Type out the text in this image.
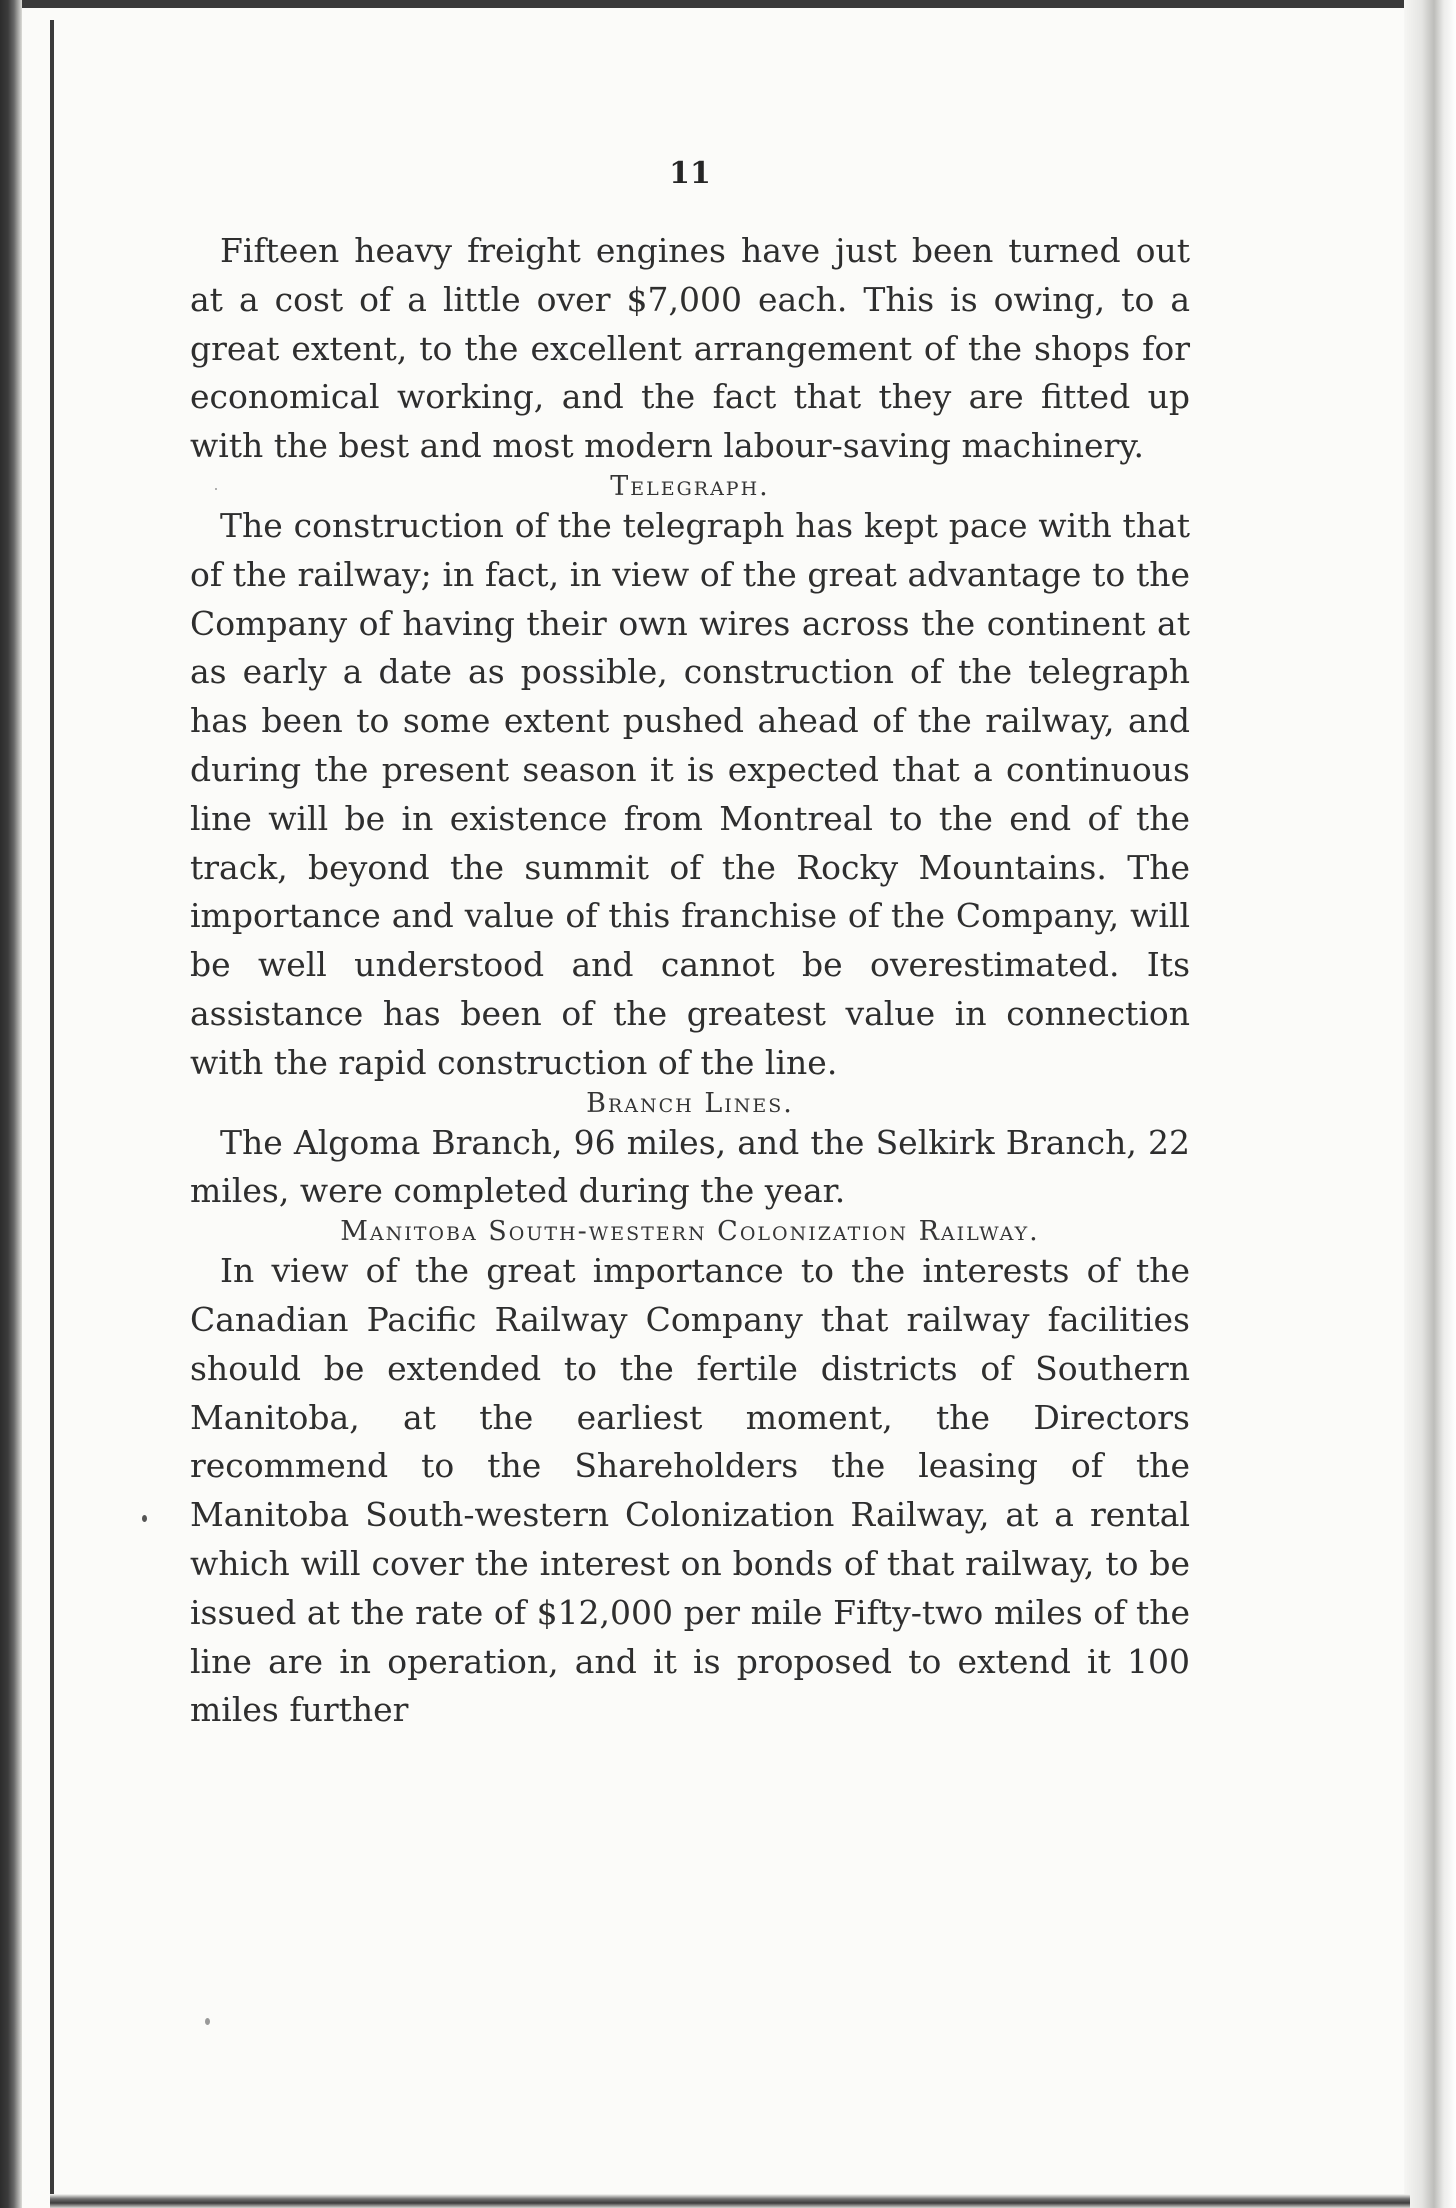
11

Fifteen heavy freight engines have just been turned out at a cost of a little over $7,000 each. This is owing, to a great extent, to the excellent arrangement of the shops for economical working, and the fact that they are fitted up with the best and most modern labour-saving machinery.

Telegraph.

The construction of the telegraph has kept pace with that of the railway; in fact, in view of the great advantage to the Company of having their own wires across the continent at as early a date as possible, construction of the telegraph has been to some extent pushed ahead of the railway, and during the present season it is expected that a continuous line will be in existence from Montreal to the end of the track, beyond the summit of the Rocky Mountains. The importance and value of this franchise of the Company, will be well understood and cannot be overestimated. Its assistance has been of the greatest value in connection with the rapid construction of the line.

Branch Lines.

The Algoma Branch, 96 miles, and the Selkirk Branch, 22 miles, were completed during the year.

Manitoba South-western Colonization Railway.

In view of the great importance to the interests of the Canadian Pacific Railway Company that railway facilities should be extended to the fertile districts of Southern Manitoba, at the earliest moment, the Directors recommend to the Shareholders the leasing of the Manitoba South-western Colonization Railway, at a rental which will cover the interest on bonds of that railway, to be issued at the rate of $12,000 per mile Fifty-two miles of the line are in operation, and it is proposed to extend it 100 miles further
